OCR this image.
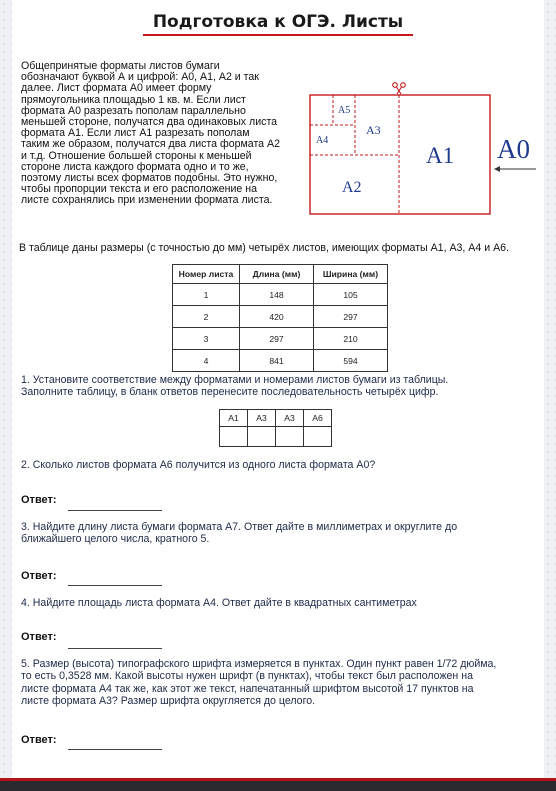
Подготовка к ОГЭ. Листы
Общепринятые форматы листов бумаги
обозначают буквой А и цифрой: А0, А1, А2 и так
далее. Лист формата А0 имеет форму
прямоугольника площадью 1 кв. м. Если лист
формата А0 разрезать пополам параллельно
меньшей стороне, получатся два одинаковых листа
формата А1. Если лист А1 разрезать пополам
таким же образом, получатся два листа формата А2
и т.д. Отношение большей стороны к меньшей
стороне листа каждого формата одно и то же,
поэтому листы всех форматов подобны. Это нужно,
чтобы пропорции текста и его расположение на
листе сохранялись при изменении формата листа.
А5
А4
А3
А2
А1 А0
В таблице даны размеры (с точностью до мм) четырёх листов, имеющих форматы А1, А3, А4 и А6.
Номер листа	Длина (мм)	Ширина (мм)
1	148	105
2	420	297
3	297	210
4	841	594
1. Установите соответствие между форматами и номерами листов бумаги из таблицы.
Заполните таблицу, в бланк ответов перенесите последовательность четырёх цифр.
А1	А3	А3	А6

2. Сколько листов формата А6 получится из одного листа формата А0?
Ответ:
3. Найдите длину листа бумаги формата А7. Ответ дайте в миллиметрах и округлите до
ближайшего целого числа, кратного 5.
Ответ:
4. Найдите площадь листа формата А4. Ответ дайте в квадратных сантиметрах
Ответ:
5. Размер (высота) типографского шрифта измеряется в пунктах. Один пункт равен 1/72 дюйма,
то есть 0,3528 мм. Какой высоты нужен шрифт (в пунктах), чтобы текст был расположен на
листе формата А4 так же, как этот же текст, напечатанный шрифтом высотой 17 пунктов на
листе формата А3? Размер шрифта округляется до целого.
Ответ:
